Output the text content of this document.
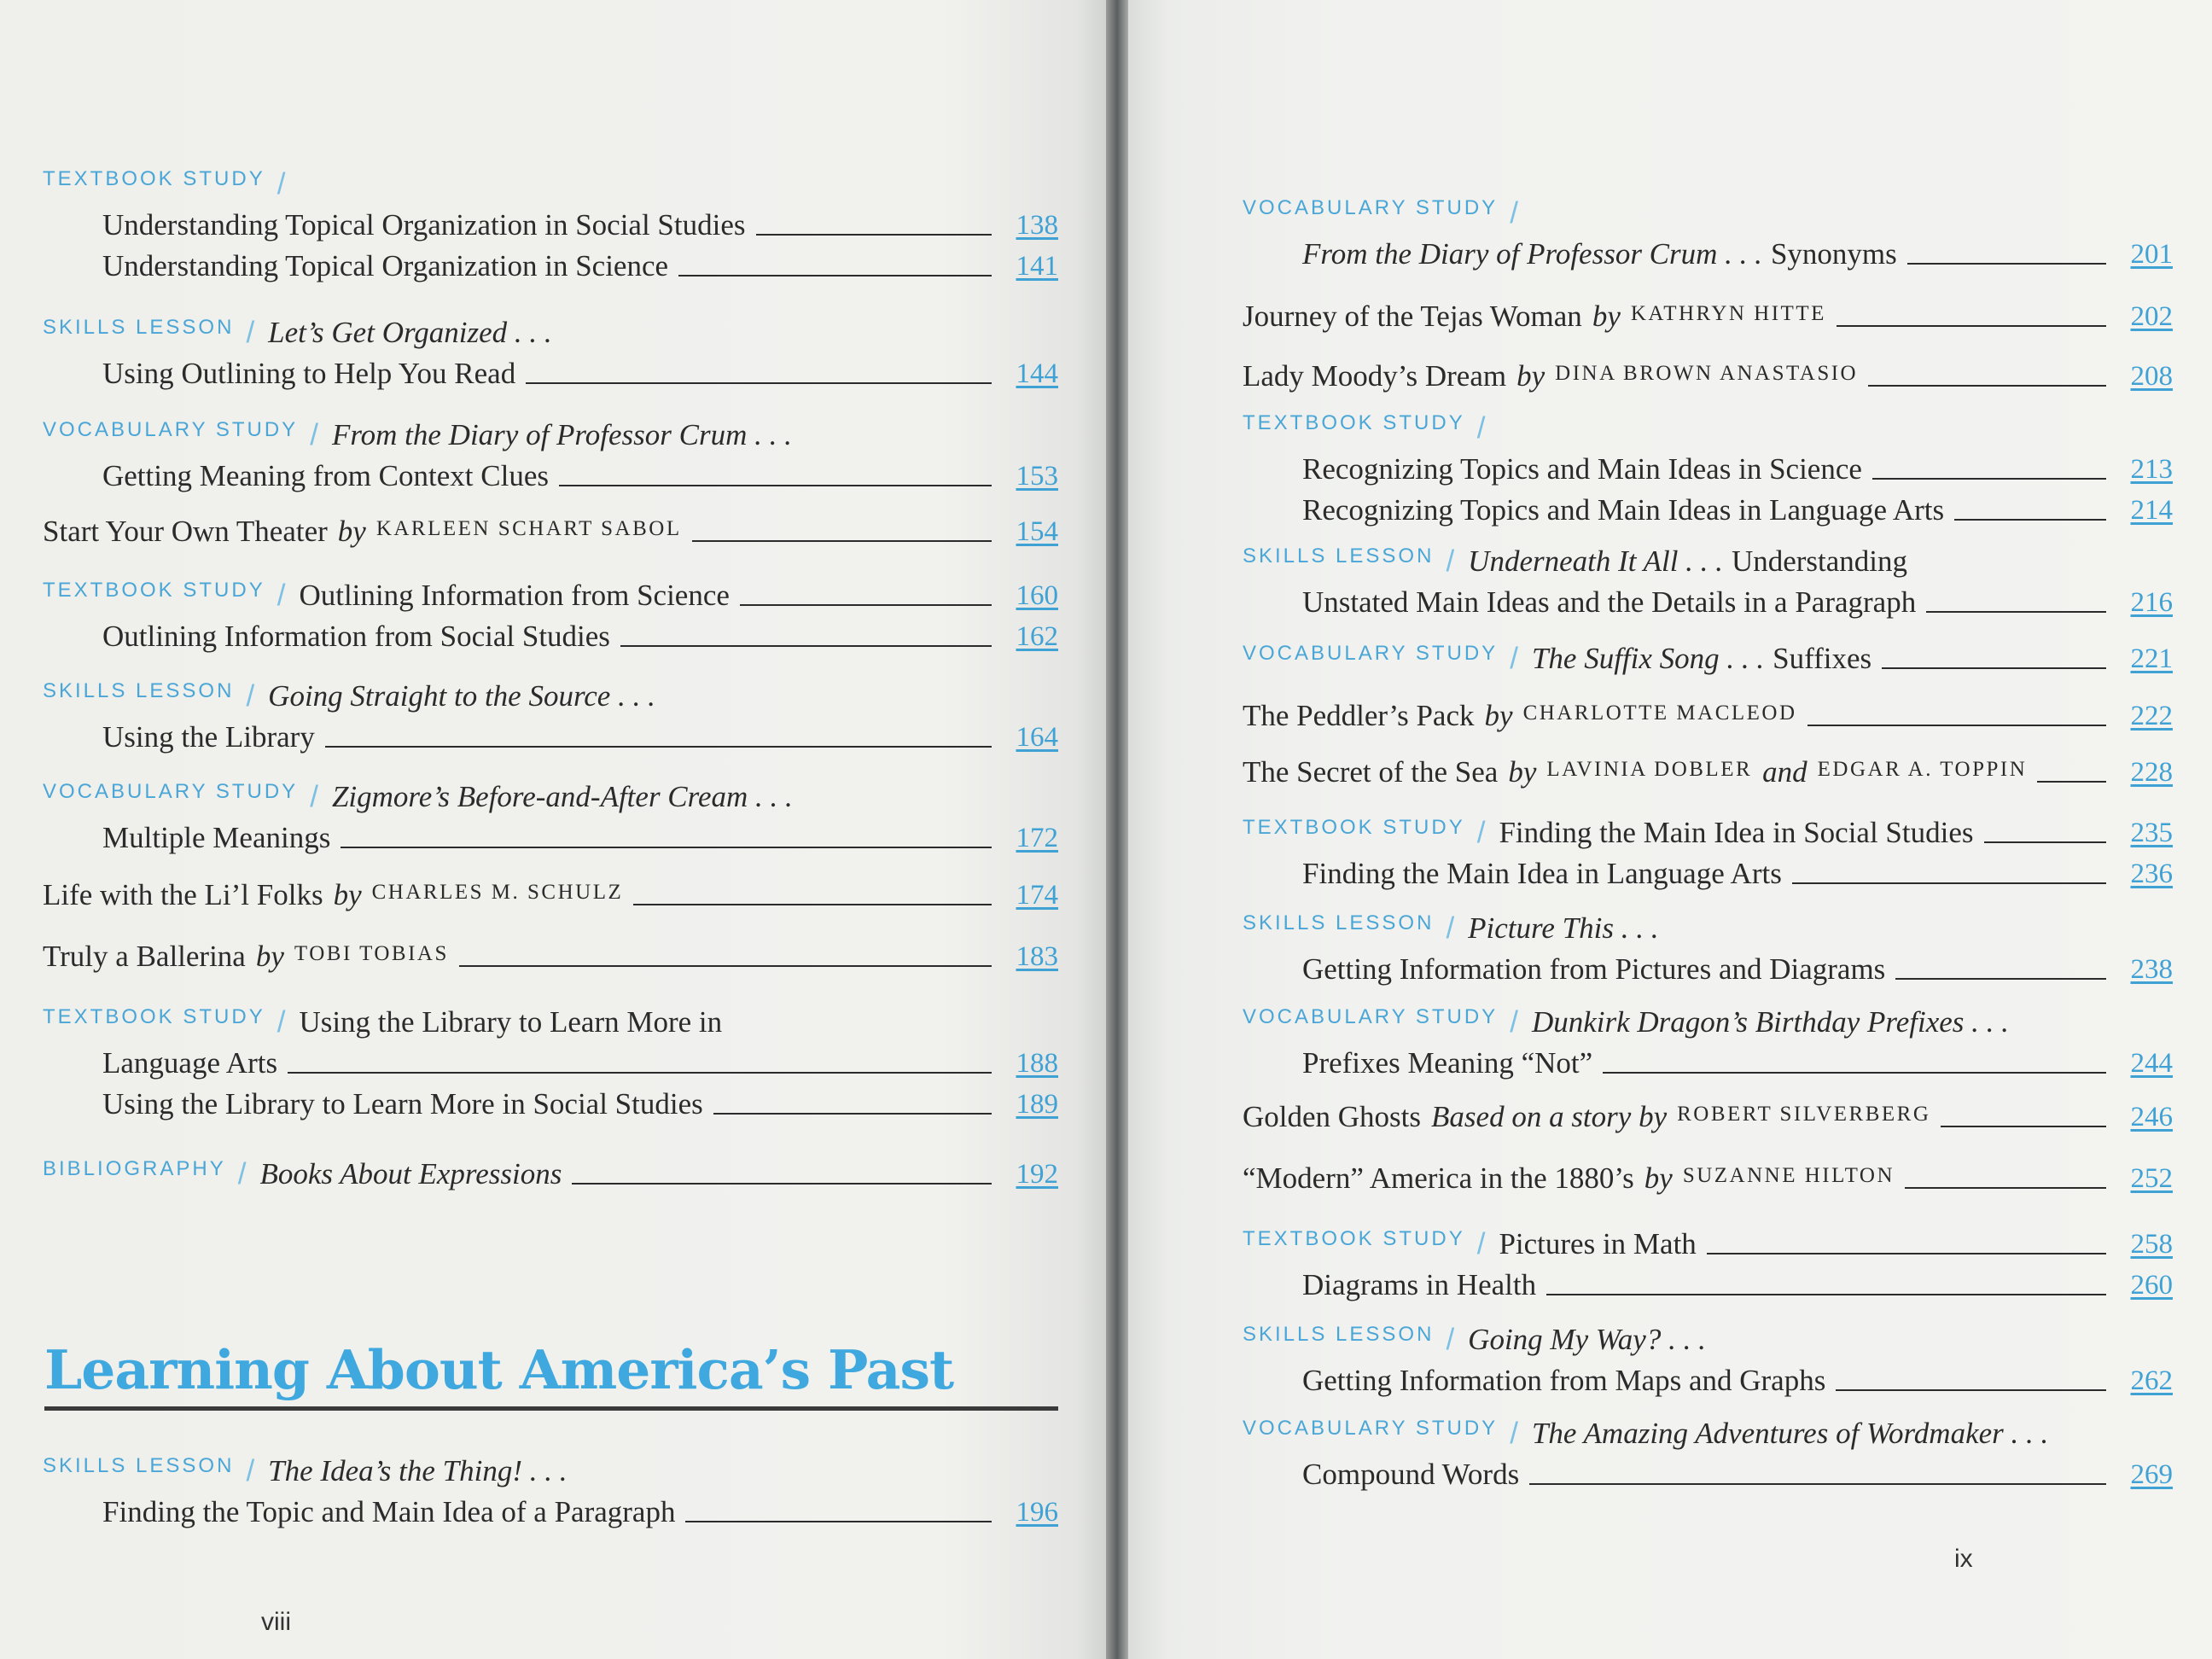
Learning About America’s Past
viii
ix
TEXTBOOK STUDY /
Understanding Topical Organization in Social Studies	138
Understanding Topical Organization in Science	141
SKILLS LESSON / Let’s Get Organized . . .
Using Outlining to Help You Read	144
VOCABULARY STUDY / From the Diary of Professor Crum . . .
Getting Meaning from Context Clues	153
Start Your Own Theater by KARLEEN SCHART SABOL	154
TEXTBOOK STUDY / Outlining Information from Science	160
Outlining Information from Social Studies	162
SKILLS LESSON / Going Straight to the Source . . .
Using the Library	164
VOCABULARY STUDY / Zigmore’s Before-and-After Cream . . .
Multiple Meanings	172
Life with the Li’l Folks by CHARLES M. SCHULZ	174
Truly a Ballerina by TOBI TOBIAS	183
TEXTBOOK STUDY / Using the Library to Learn More in
Language Arts	188
Using the Library to Learn More in Social Studies	189
BIBLIOGRAPHY / Books About Expressions	192
SKILLS LESSON / The Idea’s the Thing! . . .
Finding the Topic and Main Idea of a Paragraph	196
VOCABULARY STUDY /
From the Diary of Professor Crum . . . Synonyms	201
Journey of the Tejas Woman by KATHRYN HITTE	202
Lady Moody’s Dream by DINA BROWN ANASTASIO	208
TEXTBOOK STUDY /
Recognizing Topics and Main Ideas in Science	213
Recognizing Topics and Main Ideas in Language Arts	214
SKILLS LESSON / Underneath It All . . . Understanding
Unstated Main Ideas and the Details in a Paragraph	216
VOCABULARY STUDY / The Suffix Song . . . Suffixes	221
The Peddler’s Pack by CHARLOTTE MACLEOD	222
The Secret of the Sea by LAVINIA DOBLER and EDGAR A. TOPPIN	228
TEXTBOOK STUDY / Finding the Main Idea in Social Studies	235
Finding the Main Idea in Language Arts	236
SKILLS LESSON / Picture This . . .
Getting Information from Pictures and Diagrams	238
VOCABULARY STUDY / Dunkirk Dragon’s Birthday Prefixes . . .
Prefixes Meaning “Not”	244
Golden Ghosts Based on a story by ROBERT SILVERBERG	246
“Modern” America in the 1880’s by SUZANNE HILTON	252
TEXTBOOK STUDY / Pictures in Math	258
Diagrams in Health	260
SKILLS LESSON / Going My Way? . . .
Getting Information from Maps and Graphs	262
VOCABULARY STUDY / The Amazing Adventures of Wordmaker . . .
Compound Words	269
